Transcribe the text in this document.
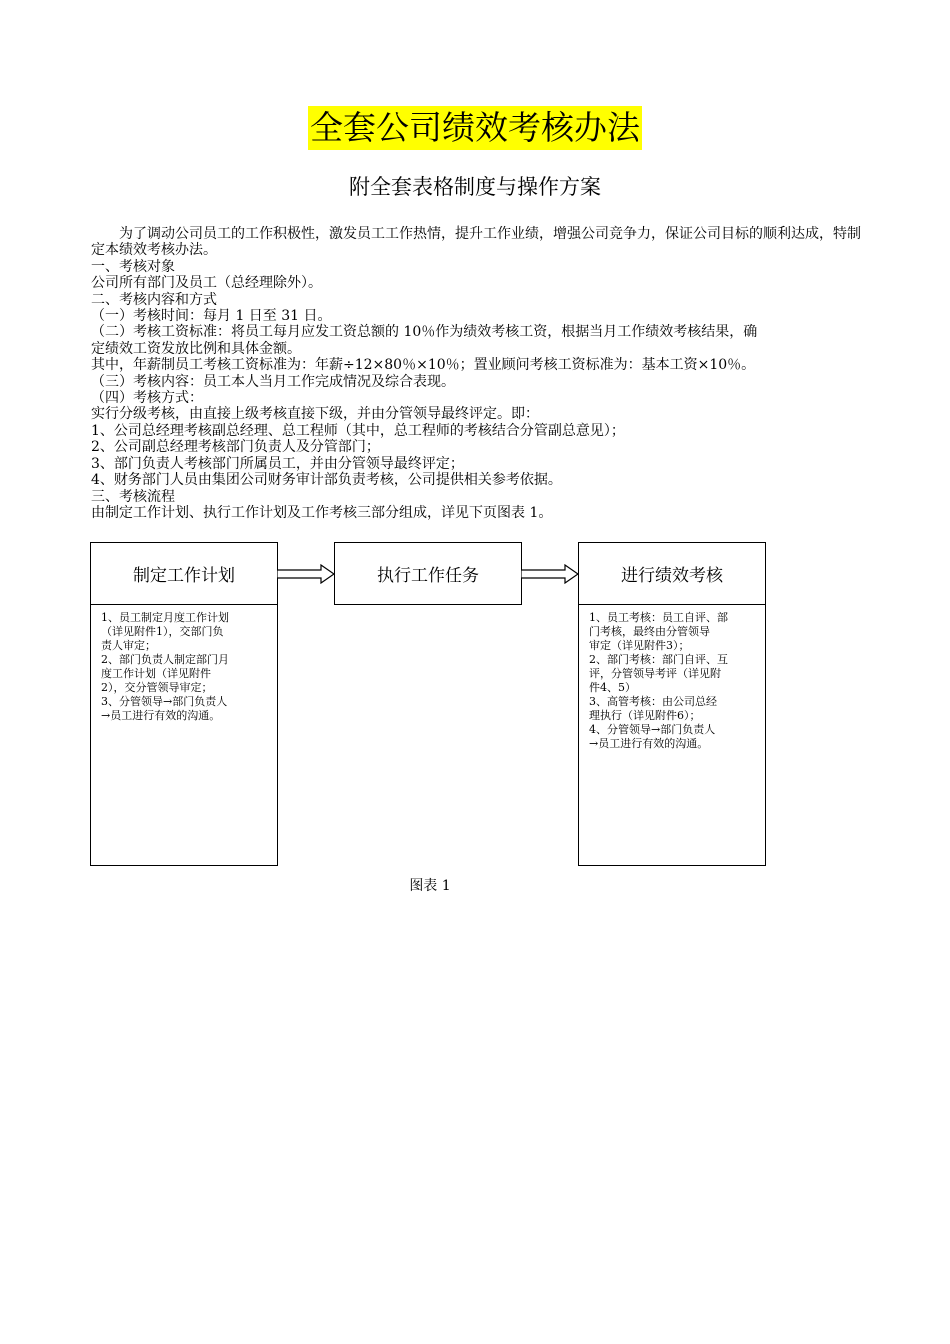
全套公司绩效考核办法
附全套表格制度与操作方案

为了调动公司员工的工作积极性，激发员工工作热情，提升工作业绩，增强公司竞争力，保证公司目标的顺利达成，特制定本绩效考核办法。

一、考核对象

公司所有部门及员工（总经理除外）。

二、考核内容和方式

（一）考核时间：每月 1 日至 31 日。

（二）考核工资标准：将员工每月应发工资总额的 10％作为绩效考核工资，根据当月工作绩效考核结果，确

定绩效工资发放比例和具体金额。

其中，年薪制员工考核工资标准为：年薪÷12×80％×10％；置业顾问考核工资标准为：基本工资×10％。

（三）考核内容：员工本人当月工作完成情况及综合表现。

（四）考核方式：

实行分级考核，由直接上级考核直接下级，并由分管领导最终评定。即：

1、公司总经理考核副总经理、总工程师（其中，总工程师的考核结合分管副总意见）；

2、公司副总经理考核部门负责人及分管部门；

3、部门负责人考核部门所属员工，并由分管领导最终评定；

4、财务部门人员由集团公司财务审计部负责考核，公司提供相关参考依据。

三、考核流程

由制定工作计划、执行工作计划及工作考核三部分组成，详见下页图表 1。

制定工作计划
1、员工制定月度工作计划
（详见附件1），交部门负
责人审定；
2、部门负责人制定部门月
度工作计划（详见附件
2），交分管领导审定；
3、分管领导→部门负责人
→员工进行有效的沟通。
执行工作任务	进行绩效考核
1、员工考核：员工自评、部
门考核，最终由分管领导
审定（详见附件3）；
2、部门考核：部门自评、互
评，分管领导考评（详见附
件4、5）
3、高管考核：由公司总经
理执行（详见附件6）；
4、分管领导→部门负责人
→员工进行有效的沟通。
图表 1
